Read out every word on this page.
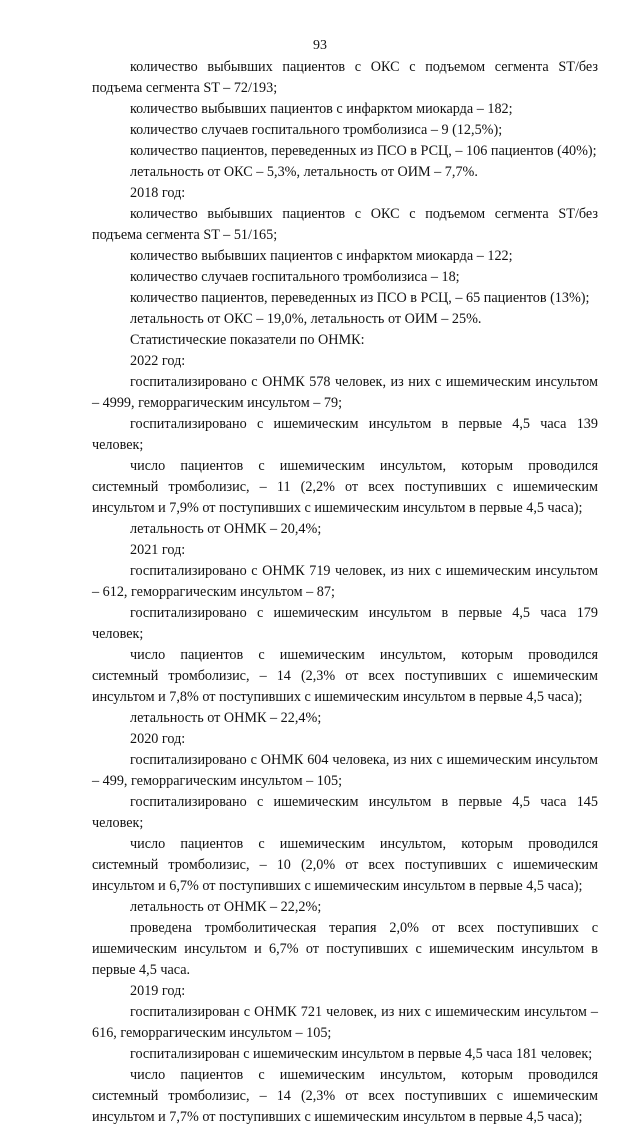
93

количество выбывших пациентов с ОКС с подъемом сегмента ST/без подъема сегмента ST – 72/193;

количество выбывших пациентов с инфарктом миокарда – 182;

количество случаев госпитального тромболизиса – 9 (12,5%);

количество пациентов, переведенных из ПСО в РСЦ, – 106 пациентов (40%);

летальность от ОКС – 5,3%, летальность от ОИМ – 7,7%.

2018 год:

количество выбывших пациентов с ОКС с подъемом сегмента ST/без подъема сегмента ST – 51/165;

количество выбывших пациентов с инфарктом миокарда – 122;

количество случаев госпитального тромболизиса – 18;

количество пациентов, переведенных из ПСО в РСЦ, – 65 пациентов (13%);

летальность от ОКС – 19,0%, летальность от ОИМ – 25%.

Статистические показатели по ОНМК:

2022 год:

госпитализировано с ОНМК 578 человек, из них с ишемическим инсультом – 4999, геморрагическим инсультом – 79;

госпитализировано с ишемическим инсультом в первые 4,5 часа 139 человек;

число пациентов с ишемическим инсультом, которым проводился системный тромболизис, – 11 (2,2% от всех поступивших с ишемическим инсультом и 7,9% от поступивших с ишемическим инсультом в первые 4,5 часа);

летальность от ОНМК – 20,4%;

2021 год:

госпитализировано с ОНМК 719 человек, из них с ишемическим инсультом – 612, геморрагическим инсультом – 87;

госпитализировано с ишемическим инсультом в первые 4,5 часа 179 человек;

число пациентов с ишемическим инсультом, которым проводился системный тромболизис, – 14 (2,3% от всех поступивших с ишемическим инсультом и 7,8% от поступивших с ишемическим инсультом в первые 4,5 часа);

летальность от ОНМК – 22,4%;

2020 год:

госпитализировано с ОНМК 604 человека, из них с ишемическим инсультом – 499, геморрагическим инсультом – 105;

госпитализировано с ишемическим инсультом в первые 4,5 часа 145 человек;

число пациентов с ишемическим инсультом, которым проводился системный тромболизис, – 10 (2,0% от всех поступивших с ишемическим инсультом и 6,7% от поступивших с ишемическим инсультом в первые 4,5 часа);

летальность от ОНМК – 22,2%;

проведена тромболитическая терапия 2,0% от всех поступивших с ишемическим инсультом и 6,7% от поступивших с ишемическим инсультом в первые 4,5 часа.

2019 год:

госпитализирован с ОНМК 721 человек, из них с ишемическим инсультом – 616, геморрагическим инсультом – 105;

госпитализирован с ишемическим инсультом в первые 4,5 часа 181 человек;

число пациентов с ишемическим инсультом, которым проводился системный тромболизис, – 14 (2,3% от всех поступивших с ишемическим инсультом и 7,7% от поступивших с ишемическим инсультом в первые 4,5 часа);
